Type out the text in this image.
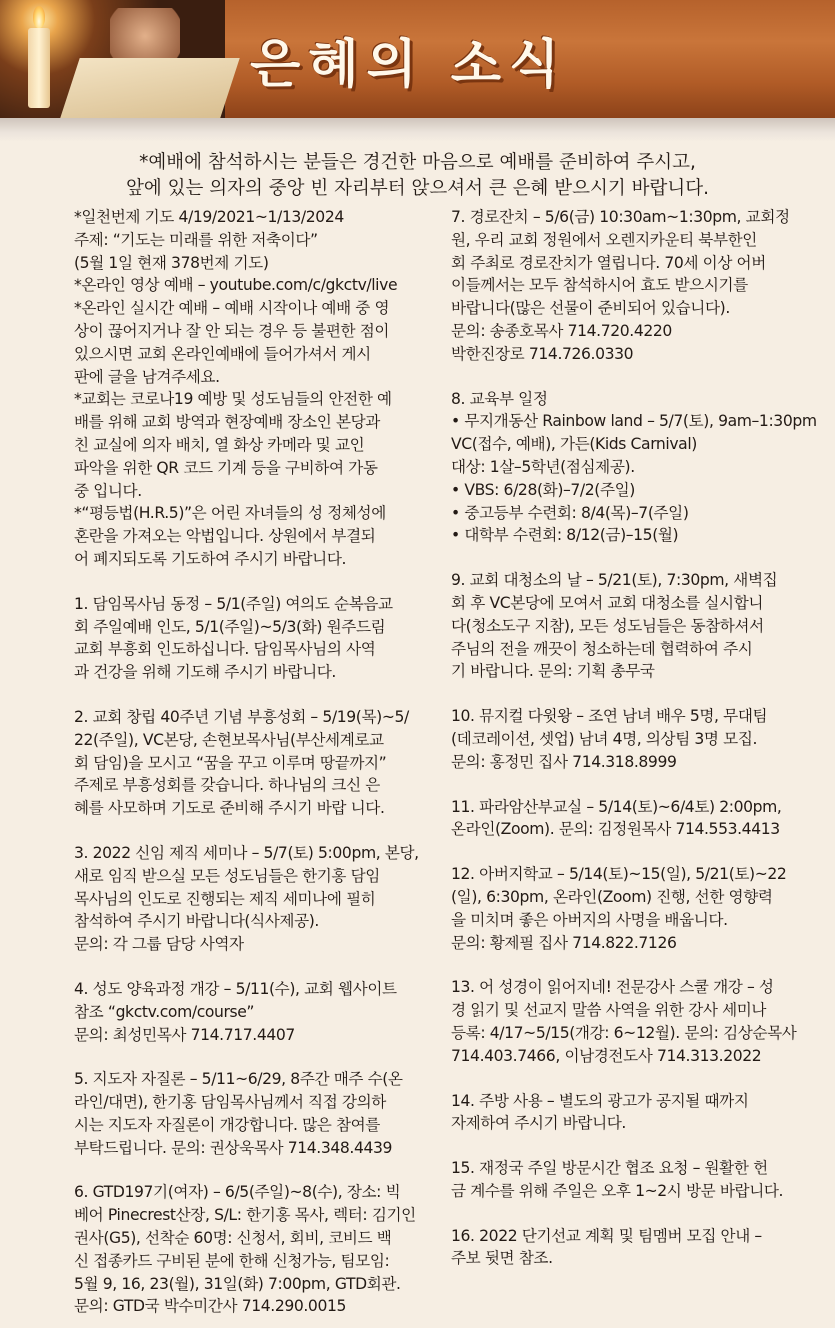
은혜의 소식
*예배에 참석하시는 분들은 경건한 마음으로 예배를 준비하여 주시고,
앞에 있는 의자의 중앙 빈 자리부터 앉으셔서 큰 은혜 받으시기 바랍니다.

*일천번제 기도 4/19/2021~1/13/2024

주제: “기도는 미래를 위한 저축이다”

(5월 1일 현재 378번제 기도)

*온라인 영상 예배 – youtube.com/c/gkctv/live

*온라인 실시간 예배 – 예배 시작이나 예배 중 영

상이 끊어지거나 잘 안 되는 경우 등 불편한 점이

있으시면 교회 온라인예배에 들어가셔서 게시

판에 글을 남겨주세요.

*교회는 코로나19 예방 및 성도님들의 안전한 예

배를 위해 교회 방역과 현장예배 장소인 본당과

친 교실에 의자 배치, 열 화상 카메라 및 교인

파악을 위한 QR 코드 기계 등을 구비하여 가동

중 입니다.

*“평등법(H.R.5)”은 어린 자녀들의 성 정체성에

혼란을 가져오는 악법입니다. 상원에서 부결되

어 폐지되도록 기도하여 주시기 바랍니다.

1. 담임목사님 동정 – 5/1(주일) 여의도 순복음교

회 주일예배 인도, 5/1(주일)~5/3(화) 원주드림

교회 부흥회 인도하십니다. 담임목사님의 사역

과 건강을 위해 기도해 주시기 바랍니다.

2. 교회 창립 40주년 기념 부흥성회 – 5/19(목)~5/

22(주일), VC본당, 손현보목사님(부산세계로교

회 담임)을 모시고 “꿈을 꾸고 이루며 땅끝까지”

주제로 부흥성회를 갖습니다. 하나님의 크신 은

혜를 사모하며 기도로 준비해 주시기 바랍 니다.

3. 2022 신임 제직 세미나 – 5/7(토) 5:00pm, 본당,

새로 임직 받으실 모든 성도님들은 한기홍 담임

목사님의 인도로 진행되는 제직 세미나에 필히

참석하여 주시기 바랍니다(식사제공).

문의: 각 그룹 담당 사역자

4. 성도 양육과정 개강 – 5/11(수), 교회 웹사이트

참조 “gkctv.com/course”

문의: 최성민목사 714.717.4407

5. 지도자 자질론 – 5/11~6/29, 8주간 매주 수(온

라인/대면), 한기홍 담임목사님께서 직접 강의하

시는 지도자 자질론이 개강합니다. 많은 참여를

부탁드립니다. 문의: 권상욱목사 714.348.4439

6. GTD197기(여자) – 6/5(주일)~8(수), 장소: 빅

베어 Pinecrest산장, S/L: 한기홍 목사, 렉터: 김기인

권사(G5), 선착순 60명: 신청서, 회비, 코비드 백

신 접종카드 구비된 분에 한해 신청가능, 팀모임:

5월 9, 16, 23(월), 31일(화) 7:00pm, GTD회관.

문의: GTD국 박수미간사 714.290.0015

7. 경로잔치 – 5/6(금) 10:30am~1:30pm, 교회정

원, 우리 교회 정원에서 오렌지카운티 북부한인

회 주최로 경로잔치가 열립니다. 70세 이상 어버

이들께서는 모두 참석하시어 효도 받으시기를

바랍니다(많은 선물이 준비되어 있습니다).

문의: 송종호목사 714.720.4220

박한진장로 714.726.0330

8. 교육부 일정

• 무지개동산 Rainbow land – 5/7(토), 9am–1:30pm

VC(접수, 예배), 가든(Kids Carnival)

대상: 1살–5학년(점심제공).

• VBS: 6/28(화)–7/2(주일)

• 중고등부 수련회: 8/4(목)–7(주일)

• 대학부 수련회: 8/12(금)–15(월)

9. 교회 대청소의 날 – 5/21(토), 7:30pm, 새벽집

회 후 VC본당에 모여서 교회 대청소를 실시합니

다(청소도구 지참), 모든 성도님들은 동참하셔서

주님의 전을 깨끗이 청소하는데 협력하여 주시

기 바랍니다. 문의: 기획 총무국

10. 뮤지컬 다윗왕 – 조연 남녀 배우 5명, 무대팀

(데코레이션, 셋업) 남녀 4명, 의상팀 3명 모집.

문의: 홍정민 집사 714.318.8999

11. 파라암산부교실 – 5/14(토)~6/4토) 2:00pm,

온라인(Zoom). 문의: 김정원목사 714.553.4413

12. 아버지학교 – 5/14(토)~15(일), 5/21(토)~22

(일), 6:30pm, 온라인(Zoom) 진행, 선한 영향력

을 미치며 좋은 아버지의 사명을 배웁니다.

문의: 황제필 집사 714.822.7126

13. 어 성경이 읽어지네! 전문강사 스쿨 개강 – 성

경 읽기 및 선교지 말씀 사역을 위한 강사 세미나

등록: 4/17~5/15(개강: 6~12월). 문의: 김상순목사

714.403.7466, 이남경전도사 714.313.2022

14. 주방 사용 – 별도의 광고가 공지될 때까지

자제하여 주시기 바랍니다.

15. 재정국 주일 방문시간 협조 요청 – 원활한 헌

금 계수를 위해 주일은 오후 1~2시 방문 바랍니다.

16. 2022 단기선교 계획 및 팀멤버 모집 안내 –

주보 뒷면 참조.
